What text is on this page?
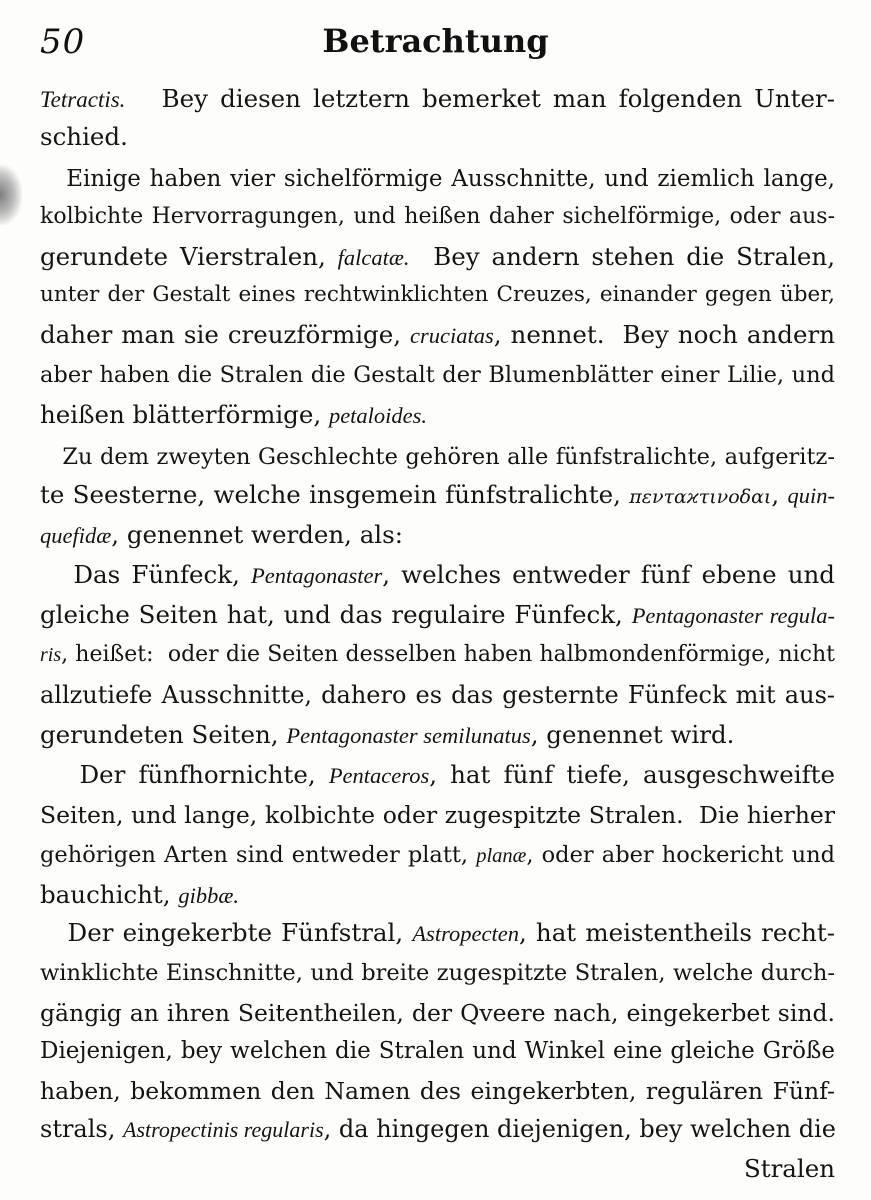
50	Betrachtung
Tetractis.   Bey diesen letztern bemerket man folgenden Unter-
schied.
Einige haben vier sichelförmige Ausschnitte, und ziemlich lange,
kolbichte Hervorragungen, und heißen daher sichelförmige, oder aus-
gerundete Vierstralen, falcatæ.  Bey andern stehen die Stralen,
unter der Gestalt eines rechtwinklichten Creuzes, einander gegen über,
daher man sie creuzförmige, cruciatas, nennet.  Bey noch andern
aber haben die Stralen die Gestalt der Blumenblätter einer Lilie, und
heißen blätterförmige, petaloides.
Zu dem zweyten Geschlechte gehören alle fünfstralichte, aufgeritz-
te Seesterne, welche insgemein fünfstralichte, πενταϰτινοδαι, quin-
quefidæ, genennet werden, als:
Das Fünfeck, Pentagonaster, welches entweder fünf ebene und
gleiche Seiten hat, und das regulaire Fünfeck, Pentagonaster regula-
ris, heißet:  oder die Seiten desselben haben halbmondenförmige, nicht
allzutiefe Ausschnitte, dahero es das gesternte Fünfeck mit aus-
gerundeten Seiten, Pentagonaster semilunatus, genennet wird.
Der fünfhornichte, Pentaceros, hat fünf tiefe, ausgeschweifte
Seiten, und lange, kolbichte oder zugespitzte Stralen.  Die hierher
gehörigen Arten sind entweder platt, planæ, oder aber hockericht und
bauchicht, gibbæ.
Der eingekerbte Fünfstral, Astropecten, hat meistentheils recht-
winklichte Einschnitte, und breite zugespitzte Stralen, welche durch-
gängig an ihren Seitentheilen, der Qveere nach, eingekerbet sind.
Diejenigen, bey welchen die Stralen und Winkel eine gleiche Größe
haben, bekommen den Namen des eingekerbten, regulären Fünf-
strals, Astropectinis regularis, da hingegen diejenigen, bey welchen die
Stralen
